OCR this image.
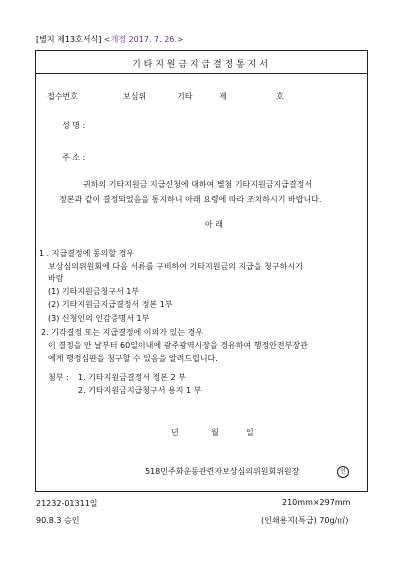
[별지 제13호서식] <개정 2017. 7. 26.>
기 타 지 원 금 지 급 결 정 통 지 서
접수번호	보심위	기타	제	호
성 명 :
주 소 :
귀하의 기타지원금 지급신청에 대하여 별첨 기타지원금지급결정서
정본과 같이 결정되었음을 통지하니 아래 요령에 따라 조치하시기 바랍니다.
아 래
1 . 지급결정에 동의할 경우
보상심의위원회에 다음 서류를 구비하여 기타지원금의 지급을 청구하시기
바람
(1) 기타지원금청구서 1부
(2) 기타지원금지급결정서 정본 1부
(3) 신청인의 인감증명서 1부
2. 기각결정 또는 지급결정에 이의가 있는 경우
이 결정을 안 날부터 60일이내에 광주광역시장을 경유하여 행정안전부장관
에게 행정심판을 청구할 수 있음을 알려드립니다.
첨부 : 1. 기타지원금결정서 정본 2 부
2. 기타지원금지급청구서 용지 1 부
년	월	일
518민주화운동관련자보상심의위원회위원장	인
21232-01311일	210mm×297mm
90.8.3 승인	(인쇄용지(특급) 70g/㎡)
